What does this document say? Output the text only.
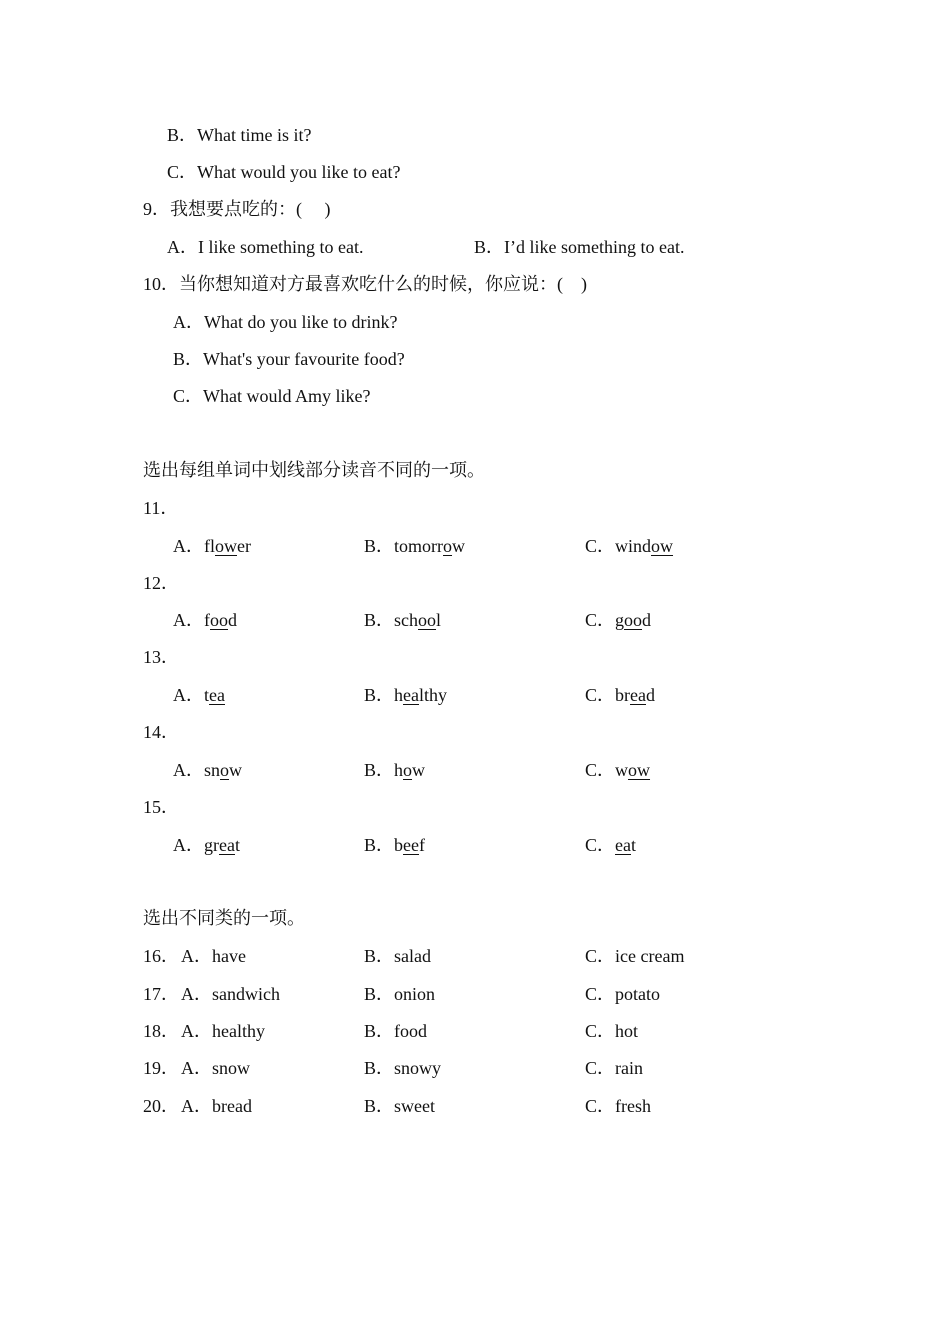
B．What time is it?
C．What would you like to eat?
9．我想要点吃的：(　 )
A．I like something to eat.	B．I’d like something to eat.
10．当你想知道对方最喜欢吃什么的时候，你应说：(　)
A．What do you like to drink?
B．What's your favourite food?
C．What would Amy like?
选出每组单词中划线部分读音不同的一项。
11．
A．flower	B．tomorrow	C．window
12．
A．food	B．school	C．good
13．
A．tea	B．healthy	C．bread
14．
A．snow	B．how	C．wow
15．
A．great	B．beef	C．eat
选出不同类的一项。
16． A．have	B．salad	C．ice cream
17． A．sandwich	B．onion	C．potato
18． A．healthy	B．food	C．hot
19． A．snow	B．snowy	C．rain
20． A．bread	B．sweet	C．fresh
